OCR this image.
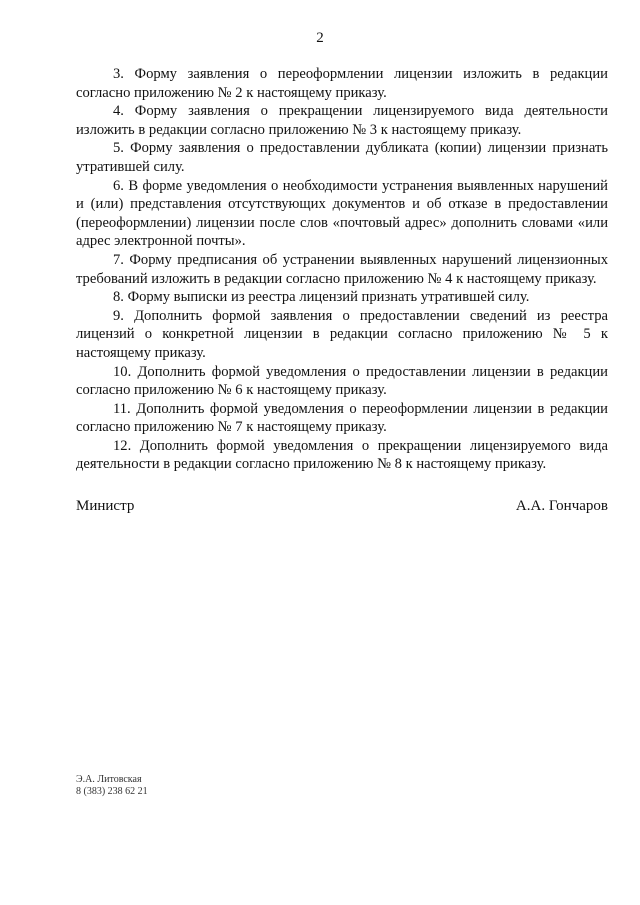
2

3. Форму заявления о переоформлении лицензии изложить в редакции согласно приложению № 2 к настоящему приказу.

4. Форму заявления о прекращении лицензируемого вида деятельности изложить в редакции согласно приложению № 3 к настоящему приказу.

5. Форму заявления о предоставлении дубликата (копии) лицензии признать утратившей силу.

6. В форме уведомления о необходимости устранения выявленных нарушений и (или) представления отсутствующих документов и об отказе в предоставлении (переоформлении) лицензии после слов «почтовый адрес» дополнить словами «или адрес электронной почты».

7. Форму предписания об устранении выявленных нарушений лицензионных требований изложить в редакции согласно приложению № 4 к настоящему приказу.

8. Форму выписки из реестра лицензий признать утратившей силу.

9. Дополнить формой заявления о предоставлении сведений из реестра лицензий о конкретной лицензии в редакции согласно приложению № 5 к настоящему приказу.

10. Дополнить формой уведомления о предоставлении лицензии в редакции согласно приложению № 6 к настоящему приказу.

11. Дополнить формой уведомления о переоформлении лицензии в редакции согласно приложению № 7 к настоящему приказу.

12. Дополнить формой уведомления о прекращении лицензируемого вида деятельности в редакции согласно приложению № 8 к настоящему приказу.

Министр	А.А. Гончаров
Э.А. Литовская
8 (383) 238 62 21
